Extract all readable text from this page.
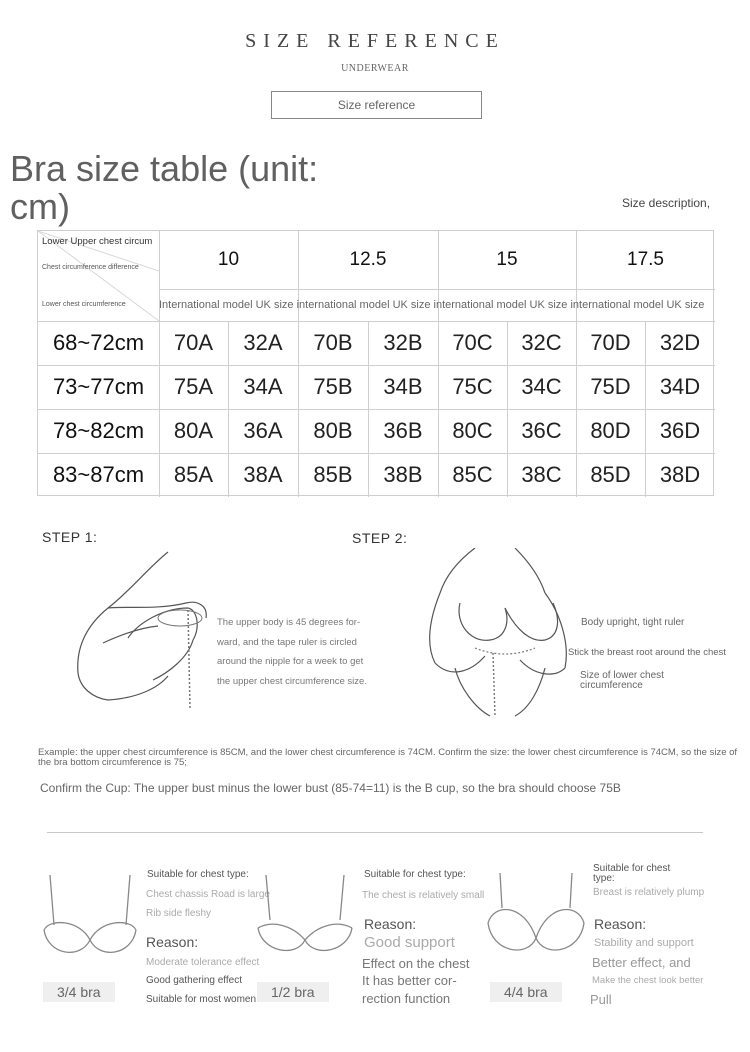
SIZE REFERENCE
UNDERWEAR
Size reference
Bra size table (unit: cm)	Size description,
Lower Upper chest circum
Chest circumference difference
Lower chest circumference
10	12.5	15	17.5
International model UK size international model UK size international model UK size international model UK size
68~72cm	70A	32A	70B	32B	70C	32C	70D	32D
73~77cm	75A	34A	75B	34B	75C	34C	75D	34D
78~82cm	80A	36A	80B	36B	80C	36C	80D	36D
83~87cm	85A	38A	85B	38B	85C	38C	85D	38D
STEP 1:
The upper body is 45 degrees for-
ward, and the tape ruler is circled
around the nipple for a week to get
the upper chest circumference size.
STEP 2:
Body upright, tight ruler
Stick the breast root around the chest
Size of lower chest
circumference
Example: the upper chest circumference is 85CM, and the lower chest circumference is 74CM. Confirm the size: the lower chest circumference is 74CM, so the size of the bra bottom circumference is 75;
Confirm the Cup: The upper bust minus the lower bust (85-74=11) is the B cup, so the bra should choose 75B
3/4 bra
Suitable for chest type:
Chest chassis Road is large
Rib side fleshy
Reason:
Moderate tolerance effect
Good gathering effect
Suitable for most women	1/2 bra
Suitable for chest type:
The chest is relatively small
Reason:
Good support
Effect on the chest
It has better cor-
rection function	4/4 bra
Suitable for chest
type:
Breast is relatively plump
Reason:
Stability and support
Better effect, and
Make the chest look better
Pull
